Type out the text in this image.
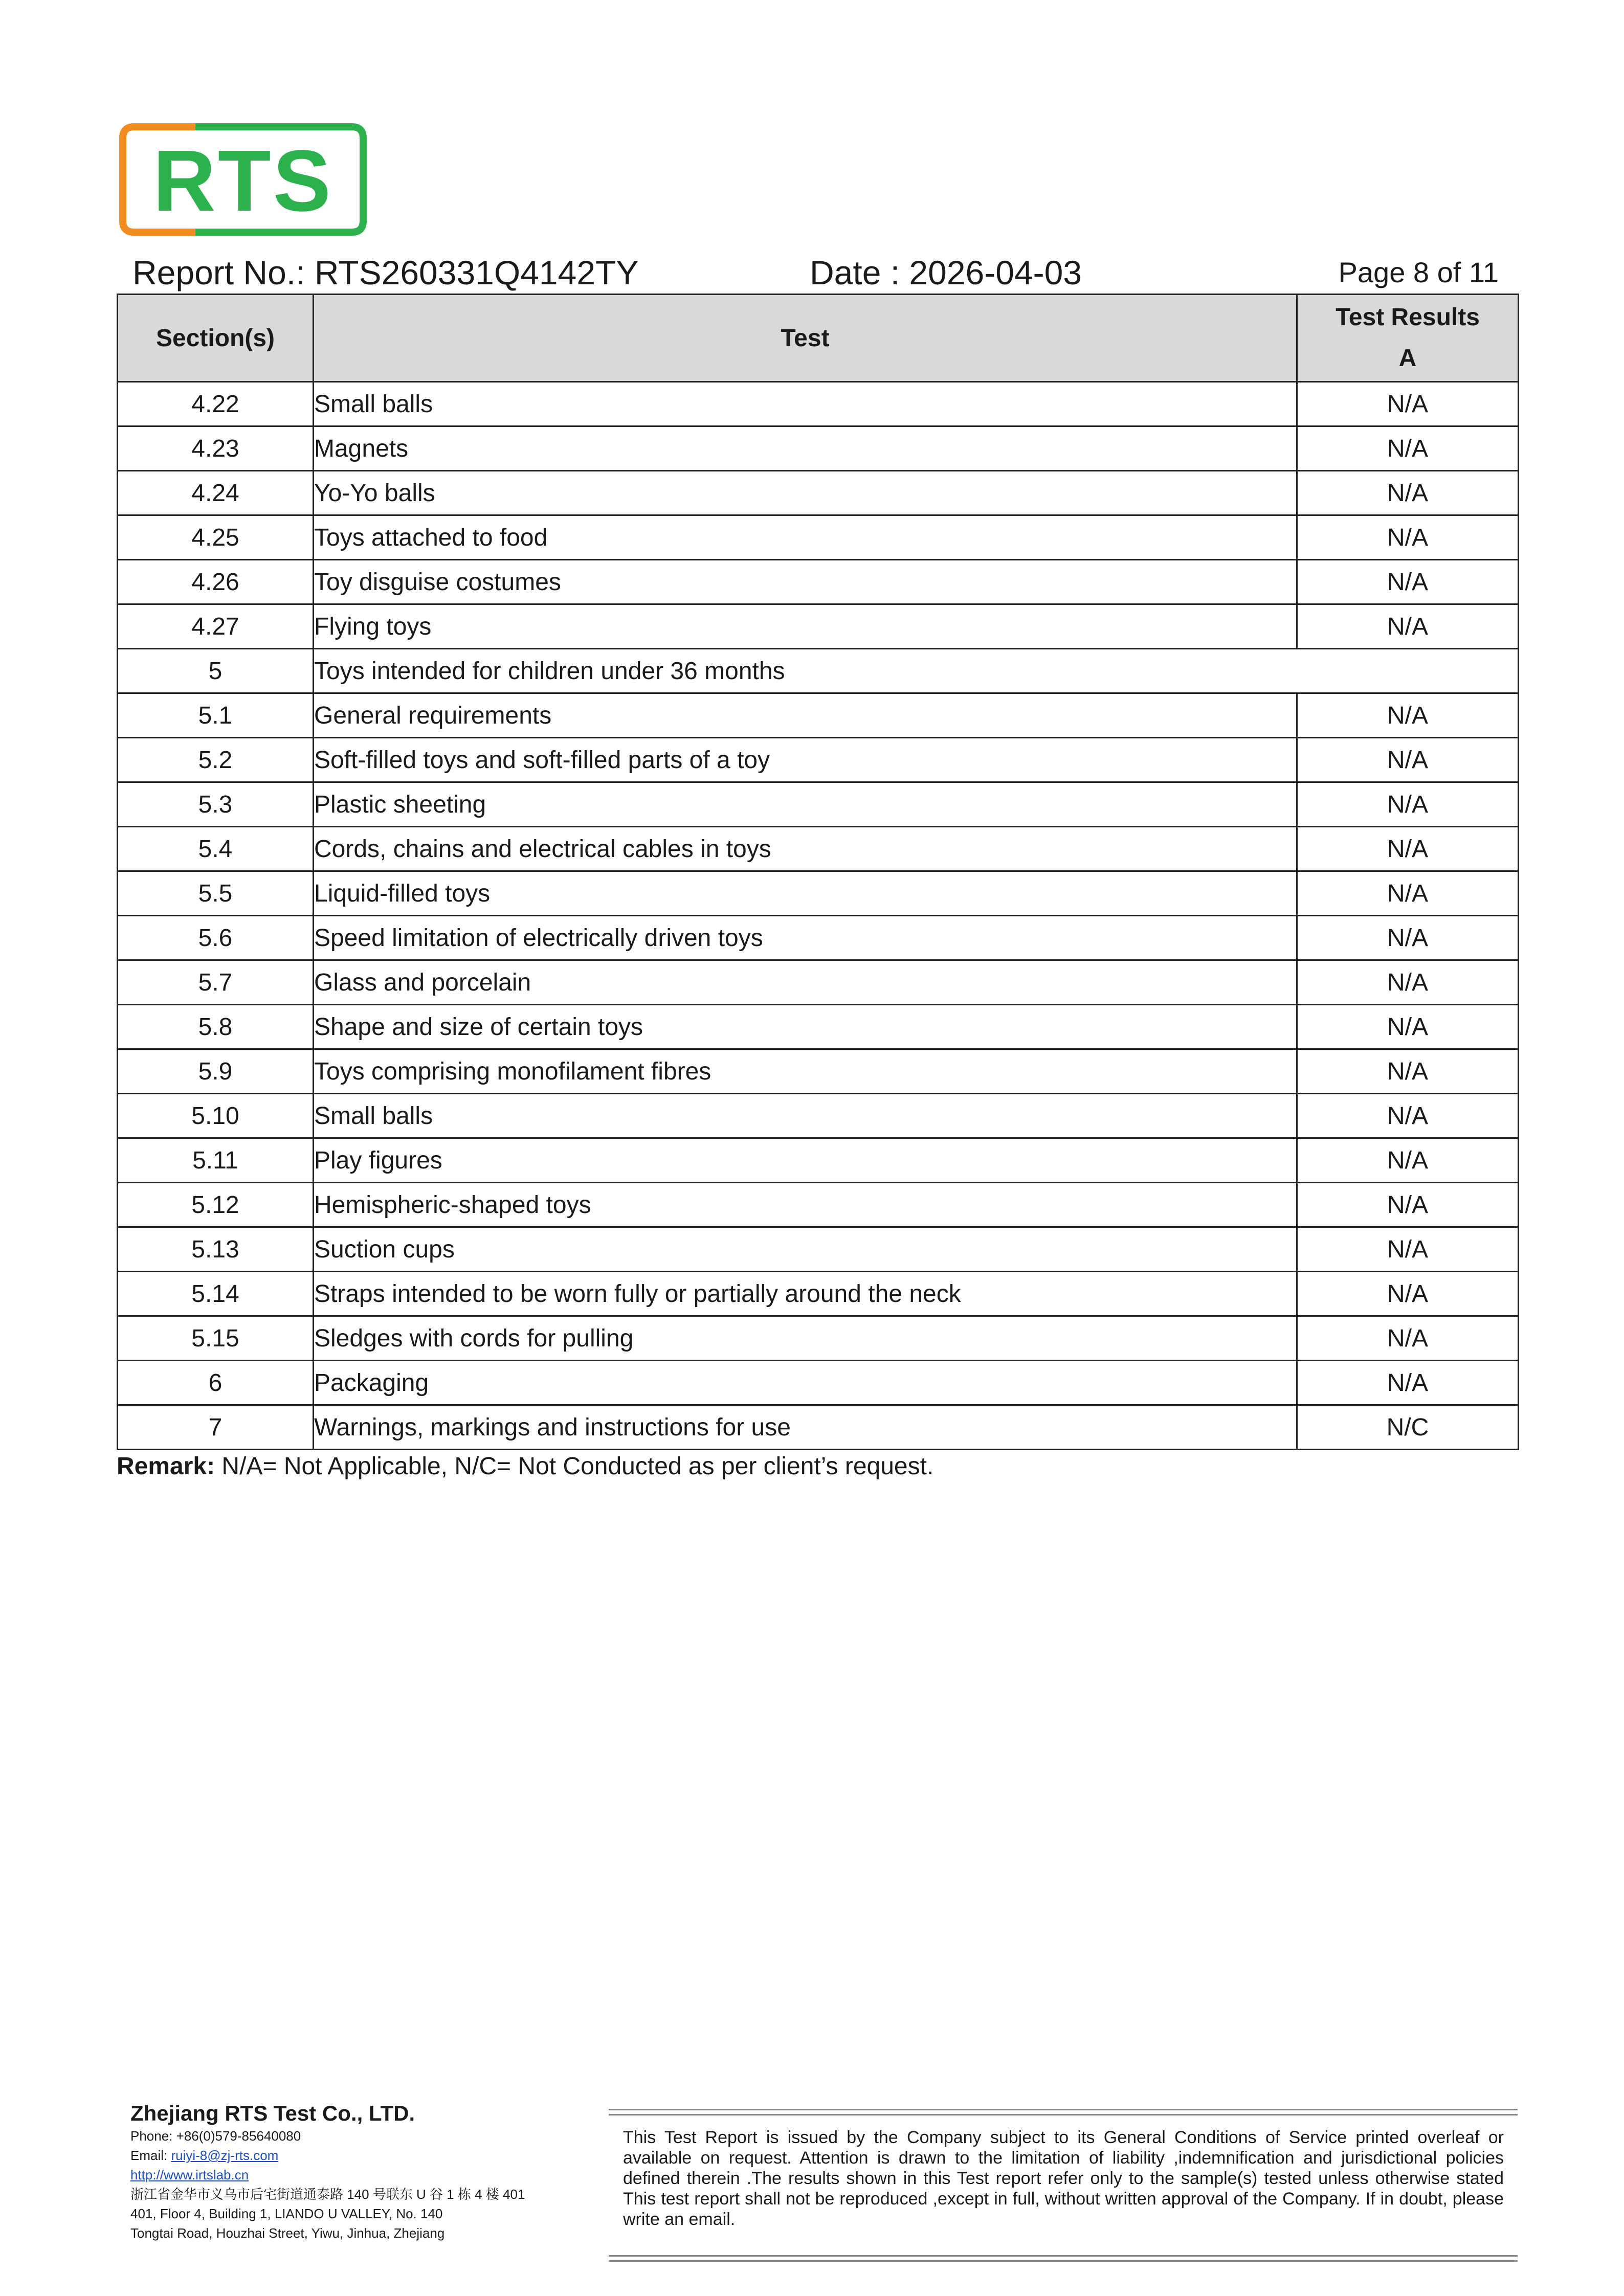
RTS
Report No.: RTS260331Q4142TY	Date : 2026-04-03	Page 8 of 11
Section(s)	Test	Test Results
A

4.22	Small balls	N/A
4.23	Magnets	N/A
4.24	Yo-Yo balls	N/A
4.25	Toys attached to food	N/A
4.26	Toy disguise costumes	N/A
4.27	Flying toys	N/A
5	Toys intended for children under 36 months	
5.1	General requirements	N/A
5.2	Soft-filled toys and soft-filled parts of a toy	N/A
5.3	Plastic sheeting	N/A
5.4	Cords, chains and electrical cables in toys	N/A
5.5	Liquid-filled toys	N/A
5.6	Speed limitation of electrically driven toys	N/A
5.7	Glass and porcelain	N/A
5.8	Shape and size of certain toys	N/A
5.9	Toys comprising monofilament fibres	N/A
5.10	Small balls	N/A
5.11	Play figures	N/A
5.12	Hemispheric-shaped toys	N/A
5.13	Suction cups	N/A
5.14	Straps intended to be worn fully or partially around the neck	N/A
5.15	Sledges with cords for pulling	N/A
6	Packaging	N/A
7	Warnings, markings and instructions for use	N/C
Remark: N/A= Not Applicable, N/C= Not Conducted as per client’s request.
Zhejiang RTS Test Co., LTD.
Phone: +86(0)579-85640080
Email: ruiyi-8@zj-rts.com
http://www.irtslab.cn
浙江省金华市义乌市后宅街道通泰路 140 号联东 U 谷 1 栋 4 楼 401
401, Floor 4, Building 1, LIANDO U VALLEY, No. 140
Tongtai Road, Houzhai Street, Yiwu, Jinhua, Zhejiang
This Test Report is issued by the Company subject to its General Conditions of Service printed overleaf or available on request. Attention is drawn to the limitation of liability ,indemnification and jurisdictional policies defined therein .The results shown in this Test report refer only to the sample(s) tested unless otherwise stated This test report shall not be reproduced ,except in full, without written approval of the Company. If in doubt, please write an email.
